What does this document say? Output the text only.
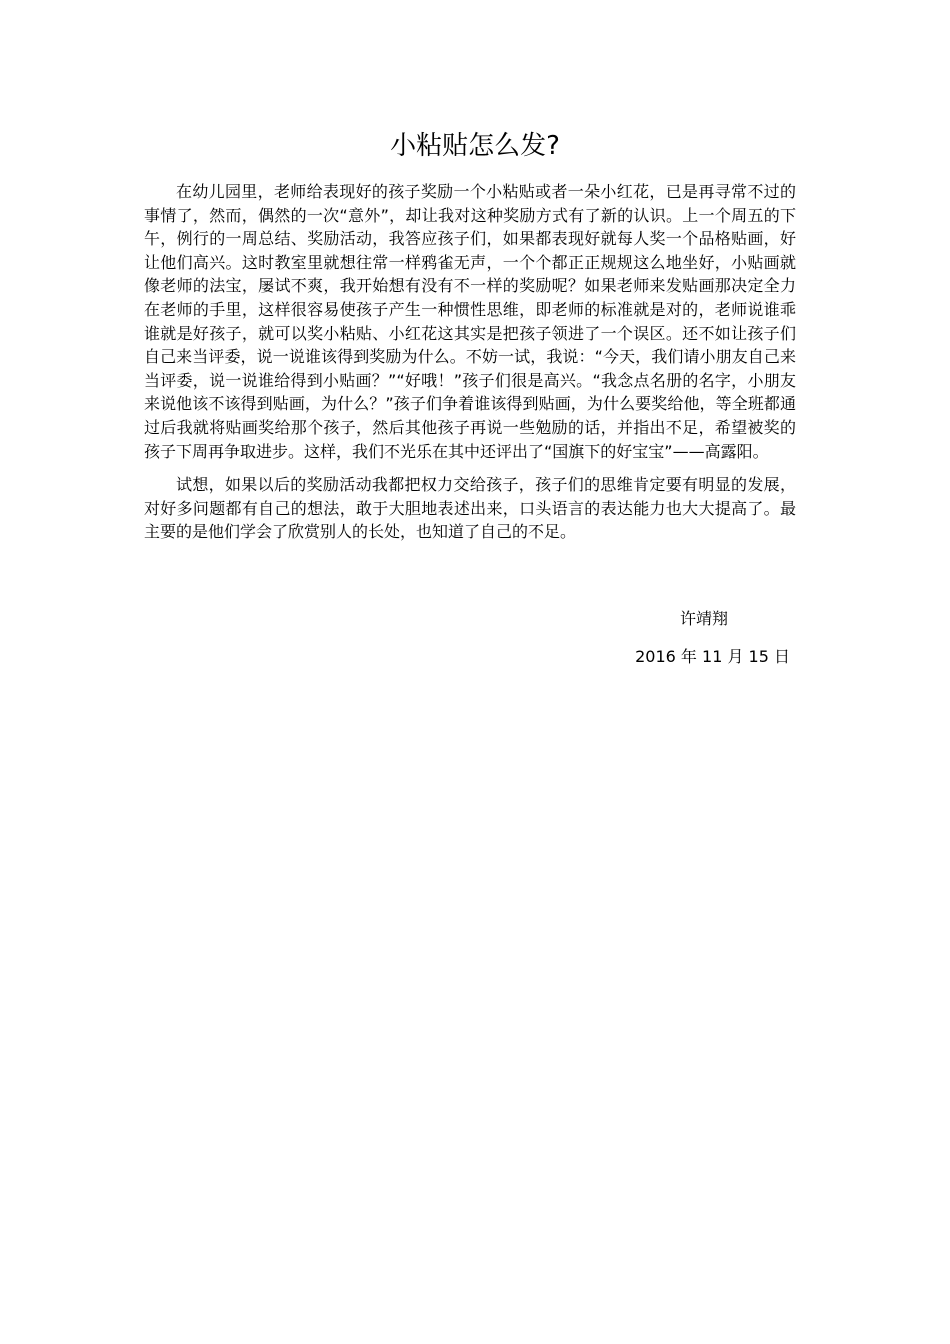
小粘贴怎么发?

在幼儿园里，老师给表现好的孩子奖励一个小粘贴或者一朵小红花，已是再寻常不过的事情了，然而，偶然的一次“意外”，却让我对这种奖励方式有了新的认识。上一个周五的下午，例行的一周总结、奖励活动，我答应孩子们，如果都表现好就每人奖一个品格贴画，好让他们高兴。这时教室里就想往常一样鸦雀无声，一个个都正正规规这么地坐好，小贴画就像老师的法宝，屡试不爽，我开始想有没有不一样的奖励呢？如果老师来发贴画那决定全力在老师的手里，这样很容易使孩子产生一种惯性思维，即老师的标准就是对的，老师说谁乖谁就是好孩子，就可以奖小粘贴、小红花这其实是把孩子领进了一个误区。还不如让孩子们自己来当评委，说一说谁该得到奖励为什么。不妨一试，我说：“今天，我们请小朋友自己来当评委，说一说谁给得到小贴画？”“好哦！”孩子们很是高兴。“我念点名册的名字，小朋友来说他该不该得到贴画，为什么？”孩子们争着谁该得到贴画，为什么要奖给他，等全班都通过后我就将贴画奖给那个孩子，然后其他孩子再说一些勉励的话，并指出不足，希望被奖的孩子下周再争取进步。这样，我们不光乐在其中还评出了“国旗下的好宝宝”——高露阳。

试想，如果以后的奖励活动我都把权力交给孩子，孩子们的思维肯定要有明显的发展，对好多问题都有自己的想法，敢于大胆地表述出来，口头语言的表达能力也大大提高了。最主要的是他们学会了欣赏别人的长处，也知道了自己的不足。

许靖翔

2016 年 11 月 15 日
